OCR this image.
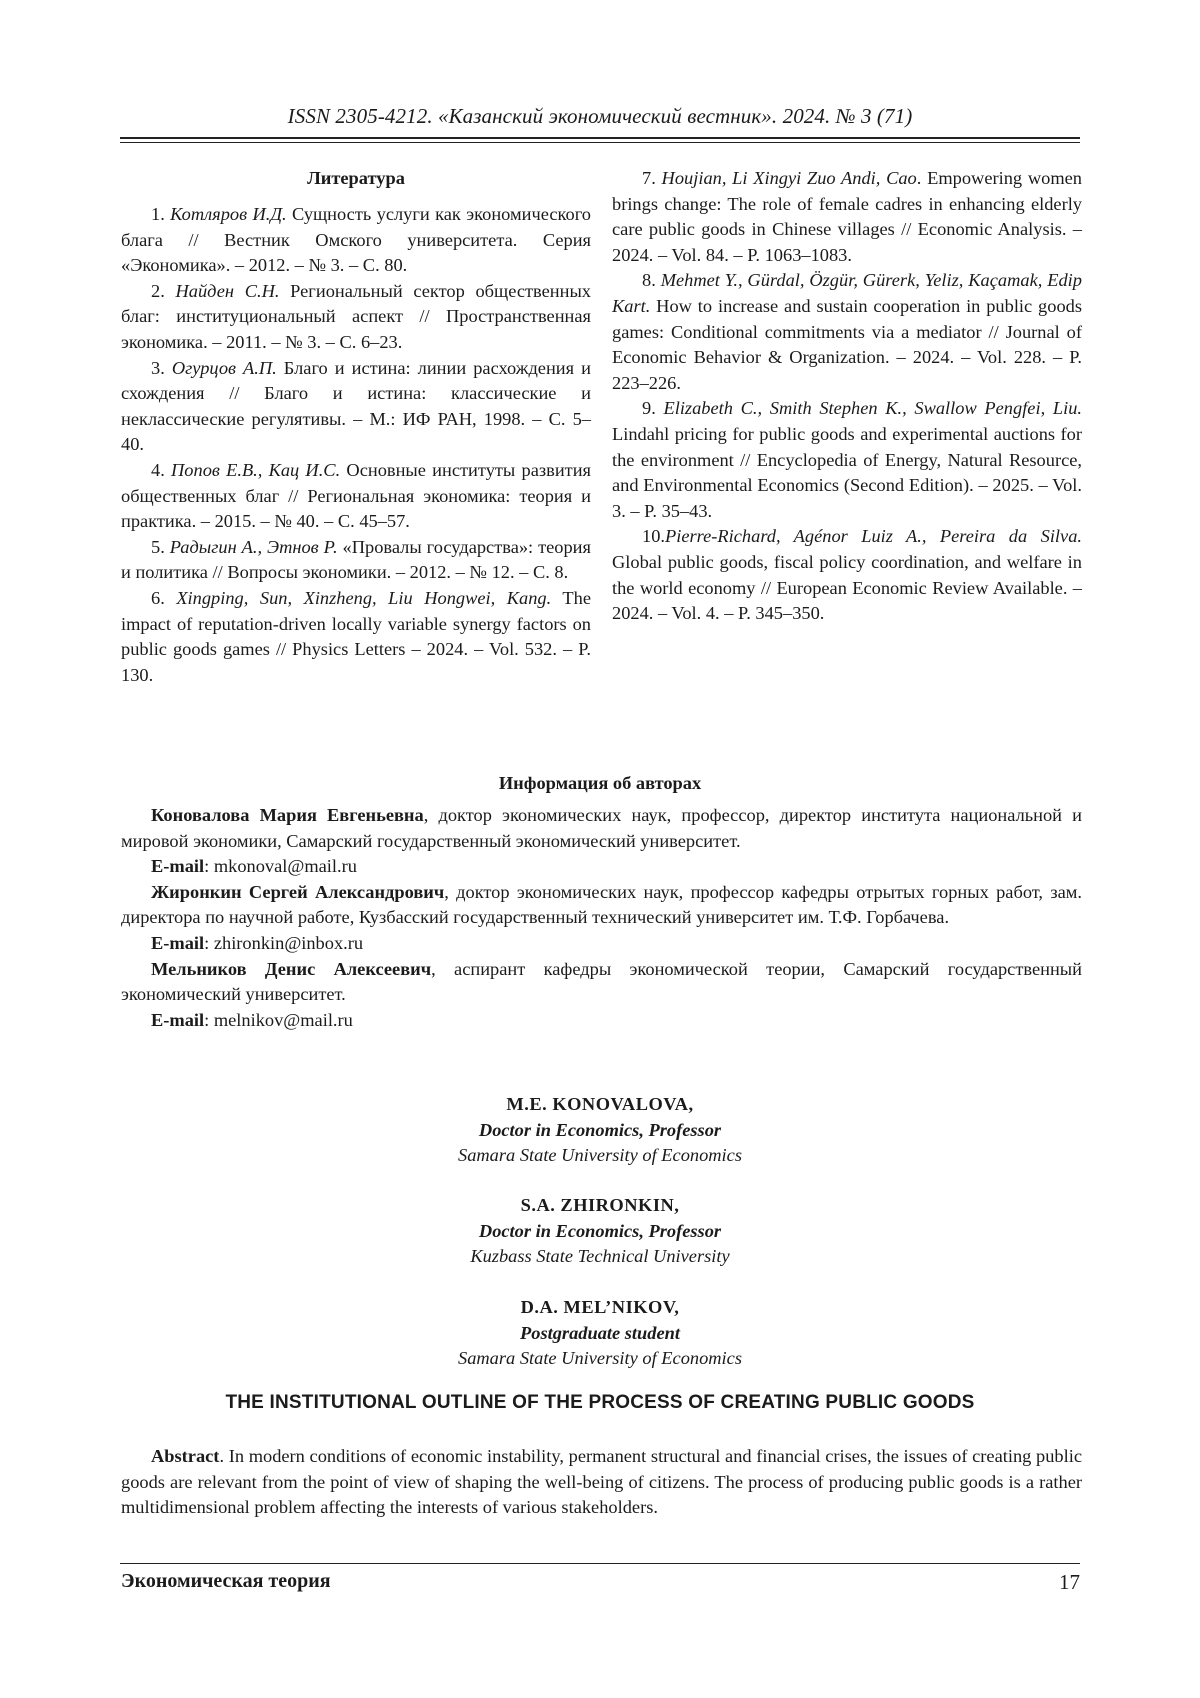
ISSN 2305-4212. «Казанский экономический вестник». 2024. № 3 (71)
Литература

1. Котляров И.Д. Сущность услуги как экономического блага // Вестник Омского университета. Серия «Экономика». – 2012. – № 3. – С. 80.

2. Найден С.Н. Региональный сектор общественных благ: институциональный аспект // Пространственная экономика. – 2011. – № 3. – С. 6–23.

3. Огурцов А.П. Благо и истина: линии расхождения и схождения // Благо и истина: классические и неклассические регулятивы. – М.: ИФ РАН, 1998. – С. 5–40.

4. Попов Е.В., Кац И.С. Основные институты развития общественных благ // Региональная экономика: теория и практика. – 2015. – № 40. – С. 45–57.

5. Радыгин А., Этнов Р. «Провалы государства»: теория и политика // Вопросы экономики. – 2012. – № 12. – С. 8.

6. Xingping, Sun, Xinzheng, Liu Hongwei, Kang. The impact of reputation-driven locally variable synergy factors on public goods games // Physics Letters – 2024. – Vol. 532. – P. 130.

7. Houjian, Li Xingyi Zuo Andi, Cao. Empowering women brings change: The role of female cadres in enhancing elderly care public goods in Chinese villages // Economic Analysis. – 2024. – Vol. 84. – P. 1063–1083.

8. Mehmet Y., Gürdal, Özgür, Gürerk, Yeliz, Kaçamak, Edip Kart. How to increase and sustain cooperation in public goods games: Conditional commitments via a mediator // Journal of Economic Behavior & Organization. – 2024. – Vol. 228. – P. 223–226.

9. Elizabeth C., Smith Stephen K., Swallow Pengfei, Liu. Lindahl pricing for public goods and experimental auctions for the environment // Encyclopedia of Energy, Natural Resource, and Environmental Economics (Second Edition). – 2025. – Vol. 3. – P. 35–43.

10.Pierre-Richard, Agénor Luiz A., Pereira da Silva. Global public goods, fiscal policy coordination, and welfare in the world economy // European Economic Review Available. – 2024. – Vol. 4. – P. 345–350.

Информация об авторах

Коновалова Мария Евгеньевна, доктор экономических наук, профессор, директор института национальной и мировой экономики, Самарский государственный экономический университет.

E-mail: mkonoval@mail.ru

Жиронкин Сергей Александрович, доктор экономических наук, профессор кафедры отрытых горных работ, зам. директора по научной работе, Кузбасский государственный технический университет им. Т.Ф. Горбачева.

E-mail: zhironkin@inbox.ru

Мельников Денис Алексеевич, аспирант кафедры экономической теории, Самарский государственный экономический университет.

E-mail: melnikov@mail.ru

M.E. KONOVALOVA,
Doctor in Economics, Professor
Samara State University of Economics
S.A. ZHIRONKIN,
Doctor in Economics, Professor
Kuzbass State Technical University
D.A. MEL’NIKOV,
Postgraduate student
Samara State University of Economics
THE INSTITUTIONAL OUTLINE OF THE PROCESS OF CREATING PUBLIC GOODS

Abstract. In modern conditions of economic instability, permanent structural and financial crises, the issues of creating public goods are relevant from the point of view of shaping the well-being of citizens. The process of producing public goods is a rather multidimensional problem affecting the interests of various stakeholders.

Экономическая теория	17
